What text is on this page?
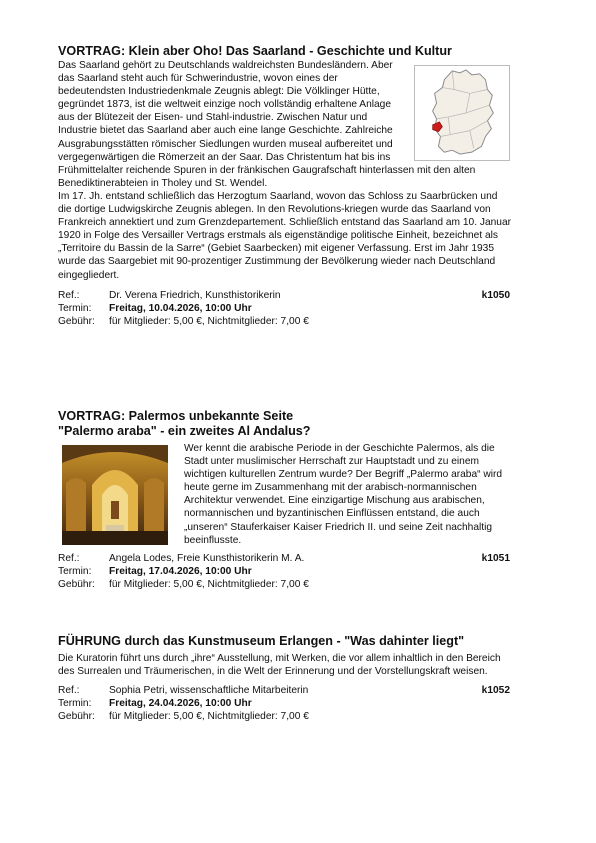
VORTRAG: Klein aber Oho! Das Saarland - Geschichte und Kultur

Das Saarland gehört zu Deutschlands waldreichsten Bundesländern. Aber das Saarland steht auch für Schwerindustrie, wovon eines der bedeutendsten Industriedenkmale Zeugnis ablegt: Die Völklinger Hütte, gegründet 1873, ist die weltweit einzige noch vollständig erhaltene Anlage aus der Blütezeit der Eisen- und Stahl-industrie. Zwischen Natur und Industrie bietet das Saarland aber auch eine lange Geschichte. Zahlreiche Ausgrabungsstätten römischer Siedlungen wurden museal aufbereitet und vergegenwärtigen die Römerzeit an der Saar. Das Christentum hat bis ins Frühmittelalter reichende Spuren in der fränkischen Gaugrafschaft hinterlassen mit den alten Benediktinerabteien in Tholey und St. Wendel.

Im 17. Jh. entstand schließlich das Herzogtum Saarland, wovon das Schloss zu Saarbrücken und die dortige Ludwigskirche Zeugnis ablegen. In den Revolutions-kriegen wurde das Saarland von Frankreich annektiert und zum Grenzdepartement. Schließlich entstand das Saarland am 10. Januar 1920 in Folge des Versailler Vertrags erstmals als eigenständige politische Einheit, bezeichnet als „Territoire du Bassin de la Sarre“ (Gebiet Saarbecken) mit eigener Verfassung. Erst im Jahr 1935 wurde das Saargebiet mit 90-prozentiger Zustimmung der Bevölkerung wieder nach Deutschland eingegliedert.

Ref.:	Dr. Verena Friedrich, Kunsthistorikerin	k1050

Termin: Freitag, 10.04.2026, 10:00 Uhr

Gebühr: für Mitglieder: 5,00 €, Nichtmitglieder: 7,00 €

VORTRAG: Palermos unbekannte Seite

"Palermo araba" - ein zweites Al Andalus?

Wer kennt die arabische Periode in der Geschichte Palermos, als die Stadt unter muslimischer Herrschaft zur Hauptstadt und zu einem wichtigen kulturellen Zentrum wurde? Der Begriff „Palermo araba“ wird heute gerne im Zusammenhang mit der arabisch-normannischen Architektur verwendet. Eine einzigartige Mischung aus arabischen, normannischen und byzantinischen Einflüssen entstand, die auch „unseren“ Stauferkaiser Kaiser Friedrich II. und seine Zeit nachhaltig beeinflusste.

Ref.:	Angela Lodes, Freie Kunsthistorikerin M. A.	k1051

Termin: Freitag, 17.04.2026, 10:00 Uhr

Gebühr: für Mitglieder: 5,00 €, Nichtmitglieder: 7,00 €

FÜHRUNG durch das Kunstmuseum Erlangen - "Was dahinter liegt"

Die Kuratorin führt uns durch „ihre“ Ausstellung, mit Werken, die vor allem inhaltlich in den Bereich des Surrealen und Träumerischen, in die Welt der Erinnerung und der Vorstellungskraft weisen.

Ref.:	Sophia Petri, wissenschaftliche Mitarbeiterin	k1052

Termin: Freitag, 24.04.2026, 10:00 Uhr

Gebühr: für Mitglieder: 5,00 €, Nichtmitglieder: 7,00 €
